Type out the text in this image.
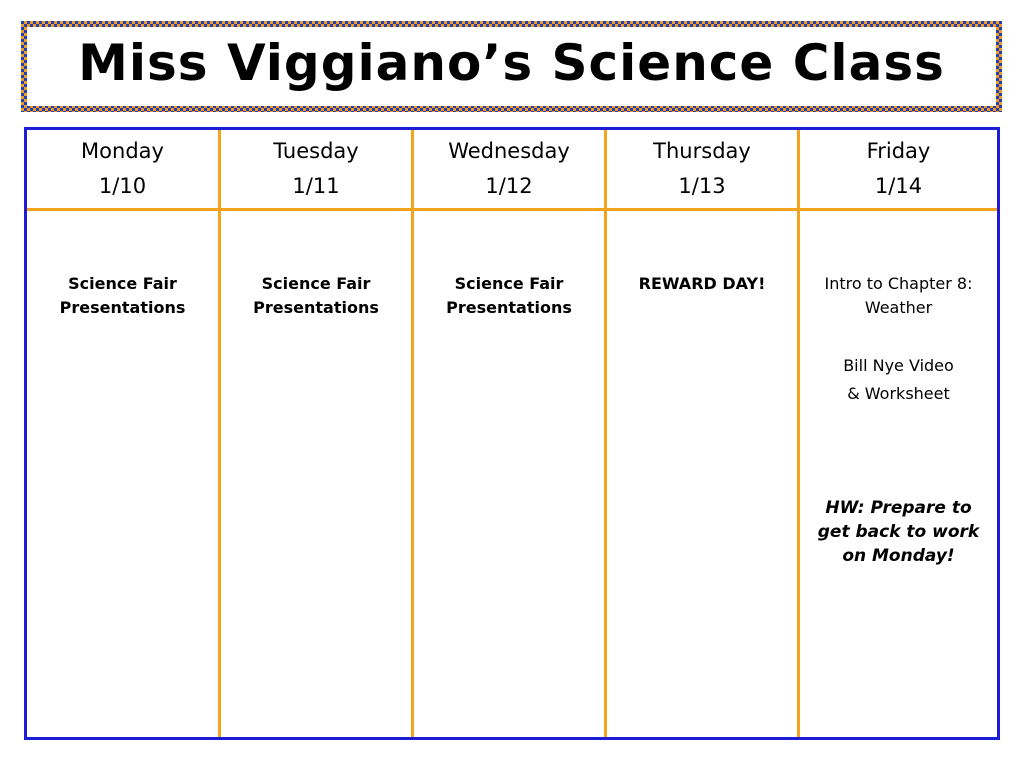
Miss Viggiano’s Science Class
Monday
1/10
Tuesday
1/11
Wednesday
1/12
Thursday
1/13
Friday
1/14
Science Fair
Presentations
Science Fair
Presentations
Science Fair
Presentations
REWARD DAY!	Intro to Chapter 8:
Weather
Bill Nye Video
& Worksheet
HW: Prepare to get back to work on Monday!
